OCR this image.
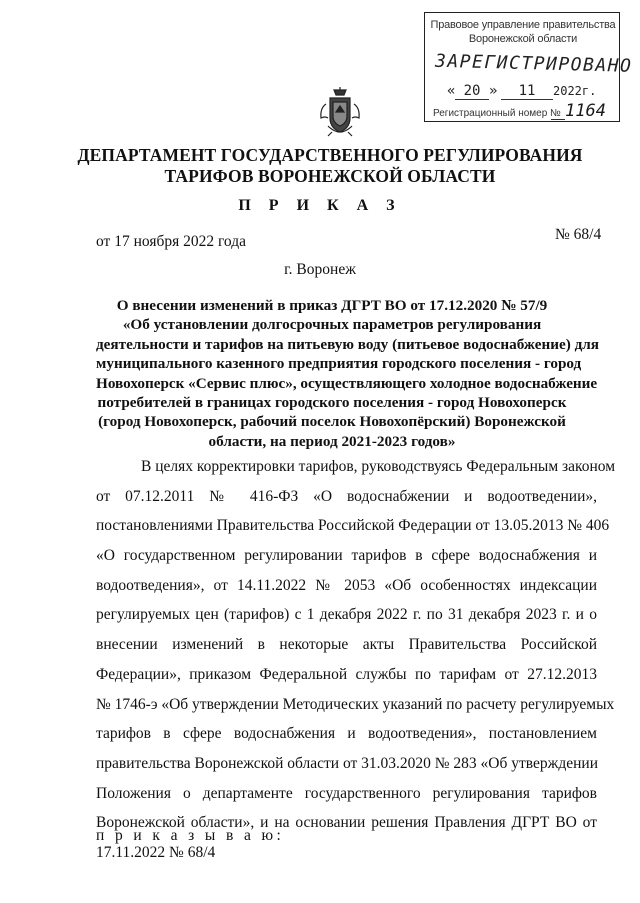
Правовое управление правительства
Воронежской области
ЗАРЕГИСТРИРОВАНО
« 20 » 11 2022г.
Регистрационный номер № 1164
ДЕПАРТАМЕНТ ГОСУДАРСТВЕННОГО РЕГУЛИРОВАНИЯ
ТАРИФОВ ВОРОНЕЖСКОЙ ОБЛАСТИ
П Р И К А З
от 17 ноября 2022 года	№ 68/4
г. Воронеж
О внесении изменений в приказ ДГРТ ВО от 17.12.2020 № 57/9
«Об установлении долгосрочных параметров регулирования
деятельности и тарифов на питьевую воду (питьевое водоснабжение) для
муниципального казенного предприятия городского поселения - город
Новохоперск «Сервис плюс», осуществляющего холодное водоснабжение
потребителей в границах городского поселения - город Новохоперск
(город Новохоперск, рабочий поселок Новохопёрский) Воронежской
области, на период 2021-2023 годов»
В целях корректировки тарифов, руководствуясь Федеральным законом
от 07.12.2011 № 416-ФЗ «О водоснабжении и водоотведении»,
постановлениями Правительства Российской Федерации от 13.05.2013 № 406
«О государственном регулировании тарифов в сфере водоснабжения и
водоотведения», от 14.11.2022 № 2053 «Об особенностях индексации
регулируемых цен (тарифов) с 1 декабря 2022 г. по 31 декабря 2023 г. и о
внесении изменений в некоторые акты Правительства Российской
Федерации», приказом Федеральной службы по тарифам от 27.12.2013
№ 1746-э «Об утверждении Методических указаний по расчету регулируемых
тарифов в сфере водоснабжения и водоотведения», постановлением
правительства Воронежской области от 31.03.2020 № 283 «Об утверждении
Положения о департаменте государственного регулирования тарифов
Воронежской области», и на основании решения Правления ДГРТ ВО от
17.11.2022 № 68/4
п р и к а з ы в а ю:
